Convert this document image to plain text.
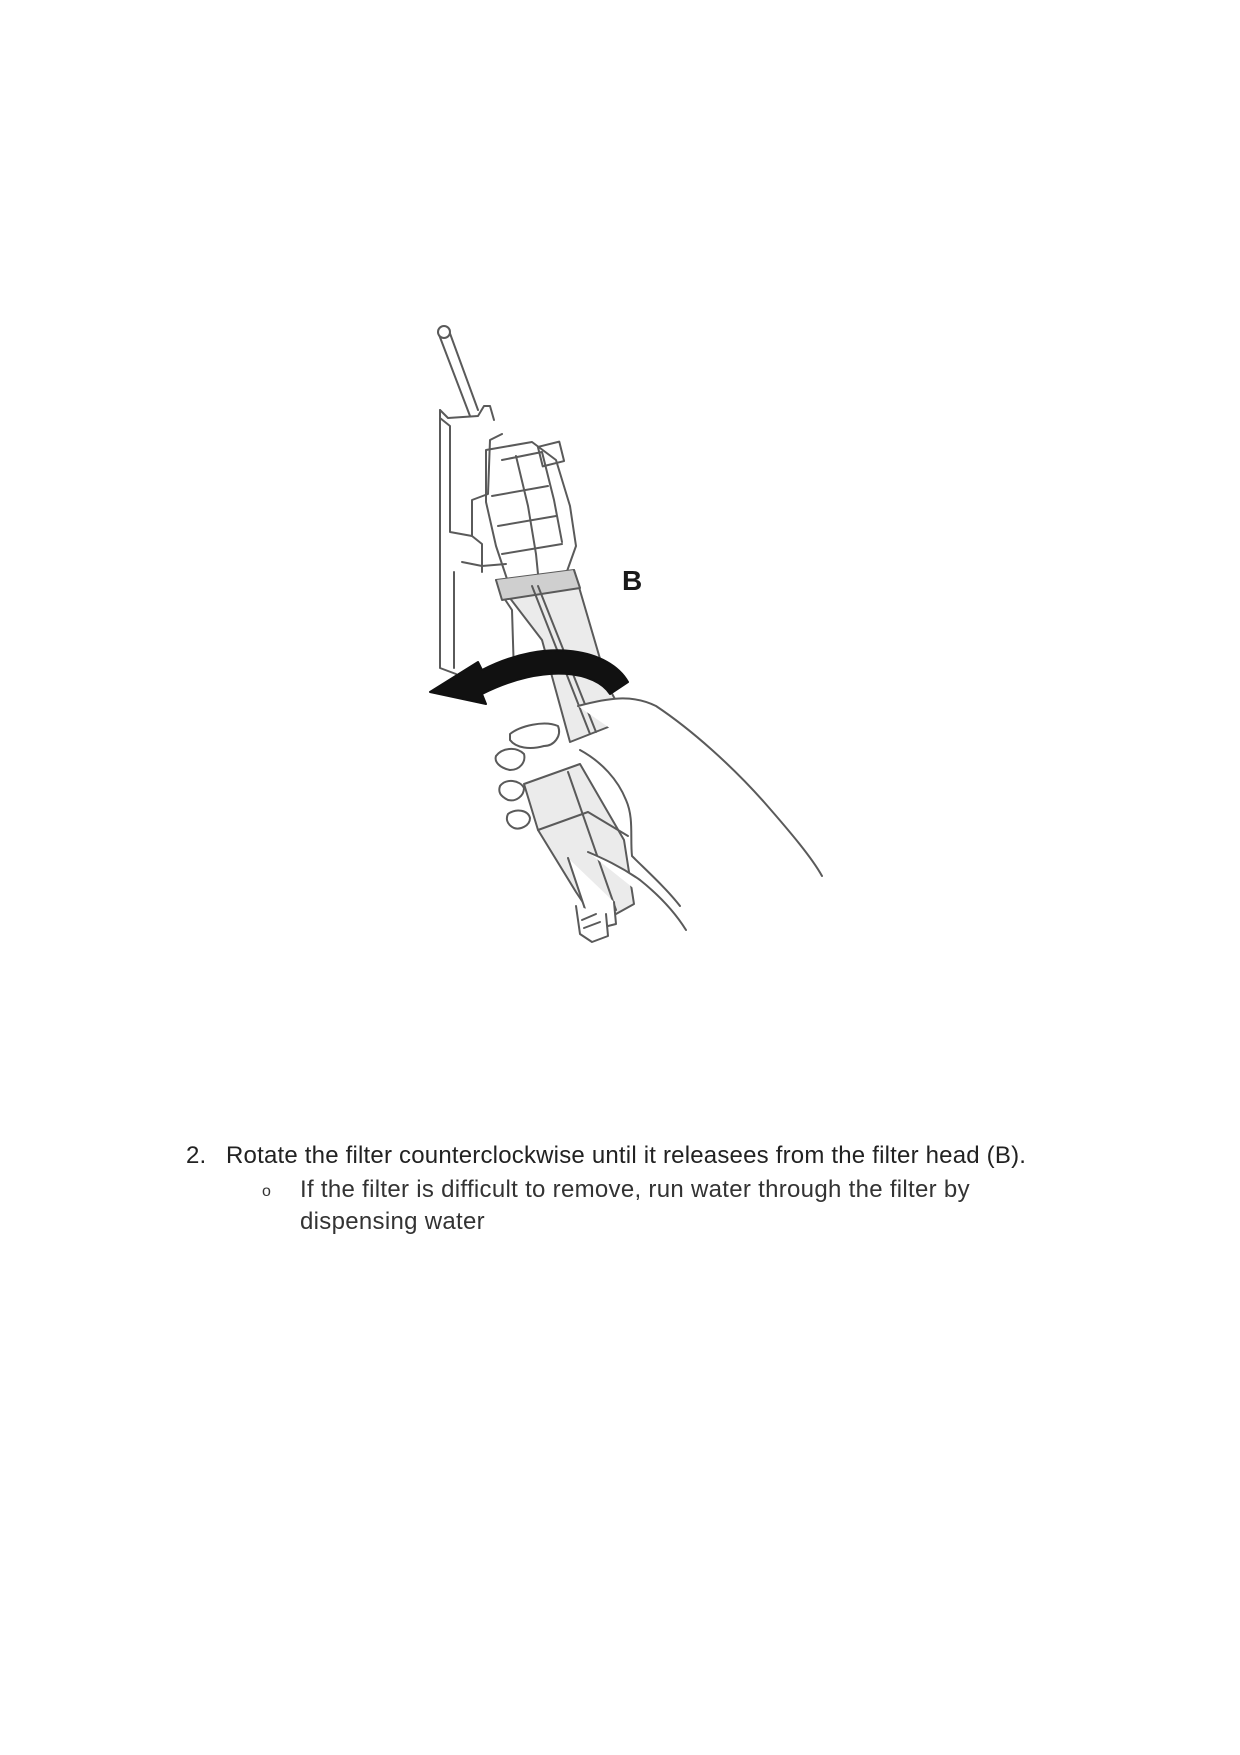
B
2. Rotate the filter counterclockwise until it releasees from the filter head (B).
o If the filter is difficult to remove, run water through the filter by dispensing water
